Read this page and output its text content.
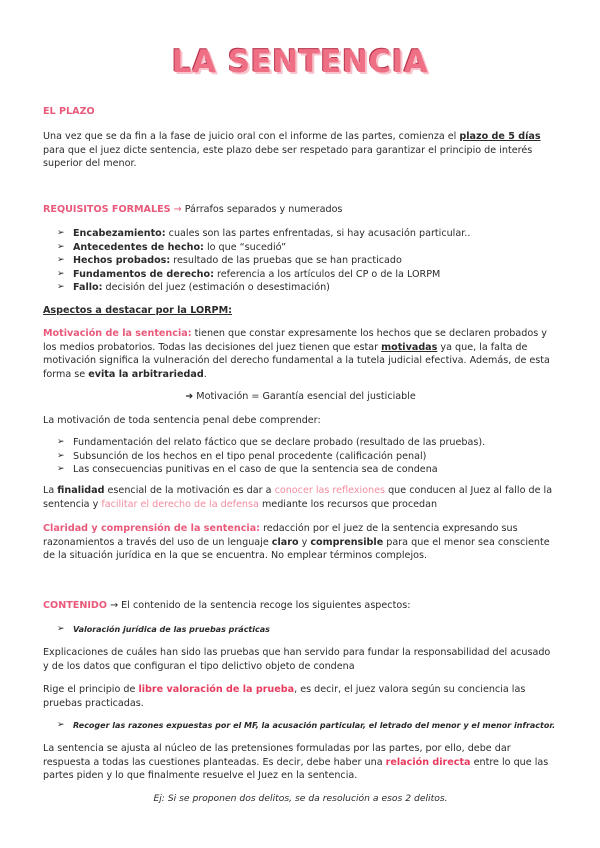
LA SENTENCIA
EL PLAZO
Una vez que se da fin a la fase de juicio oral con el informe de las partes, comienza el plazo de 5 días para que el juez dicte sentencia, este plazo debe ser respetado para garantizar el principio de interés superior del menor.
REQUISITOS FORMALES → Párrafos separados y numerados
➢ Encabezamiento: cuales son las partes enfrentadas, si hay acusación particular..
➢ Antecedentes de hecho: lo que “sucedió”
➢ Hechos probados: resultado de las pruebas que se han practicado
➢ Fundamentos de derecho: referencia a los artículos del CP o de la LORPM
➢ Fallo: decisión del juez (estimación o desestimación)
Aspectos a destacar por la LORPM:
Motivación de la sentencia: tienen que constar expresamente los hechos que se declaren probados y los medios probatorios. Todas las decisiones del juez tienen que estar motivadas ya que, la falta de motivación significa la vulneración del derecho fundamental a la tutela judicial efectiva. Además, de esta forma se evita la arbitrariedad.
➜ Motivación = Garantía esencial del justiciable
La motivación de toda sentencia penal debe comprender:
➢ Fundamentación del relato fáctico que se declare probado (resultado de las pruebas).
➢ Subsunción de los hechos en el tipo penal procedente (calificación penal)
➢ Las consecuencias punitivas en el caso de que la sentencia sea de condena
La finalidad esencial de la motivación es dar a conocer las reflexiones que conducen al Juez al fallo de la sentencia y facilitar el derecho de la defensa mediante los recursos que procedan
Claridad y comprensión de la sentencia: redacción por el juez de la sentencia expresando sus razonamientos a través del uso de un lenguaje claro y comprensible para que el menor sea consciente de la situación jurídica en la que se encuentra. No emplear términos complejos.
CONTENIDO → El contenido de la sentencia recoge los siguientes aspectos:
➢ Valoración jurídica de las pruebas prácticas
Explicaciones de cuáles han sido las pruebas que han servido para fundar la responsabilidad del acusado y de los datos que configuran el tipo delictivo objeto de condena
Rige el principio de libre valoración de la prueba, es decir, el juez valora según su conciencia las pruebas practicadas.
➢ Recoger las razones expuestas por el MF, la acusación particular, el letrado del menor y el menor infractor.
La sentencia se ajusta al núcleo de las pretensiones formuladas por las partes, por ello, debe dar respuesta a todas las cuestiones planteadas. Es decir, debe haber una relación directa entre lo que las partes piden y lo que finalmente resuelve el Juez en la sentencia.
Ej: Si se proponen dos delitos, se da resolución a esos 2 delitos.
